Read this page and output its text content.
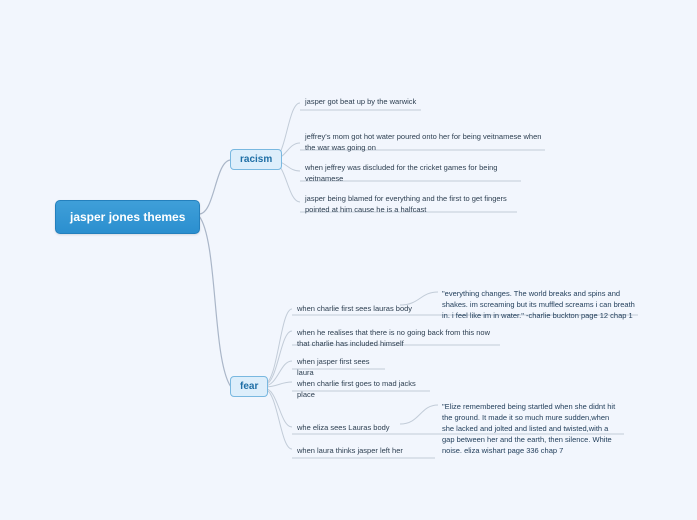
jasper jones themes
racism
jasper got beat up by the warwick
jeffrey's mom got hot water poured onto her for being veitnamese when the war was going on
when jeffrey was discluded for the cricket games for being veitnamese
jasper being blamed for everything and the first to get fingers pointed at him cause he is a halfcast
fear
when charlie first sees lauras body
"everything changes. The world breaks and spins and shakes. im screaming but its muffled screams i can breath in. i feel like im in water." -charlie buckton page 12 chap 1
when he realises that there is no going back from this now that charlie has included himself
when jasper first sees laura
when charlie first goes to mad jacks place
whe eliza sees Lauras body
"Elize remembered being startled when she didnt hit the ground. It made it so much mure sudden,when she lacked and jolted and listed and twisted,with a gap between her and the earth, then silence. White noise. eliza wishart page 336 chap 7
when laura thinks jasper left her
